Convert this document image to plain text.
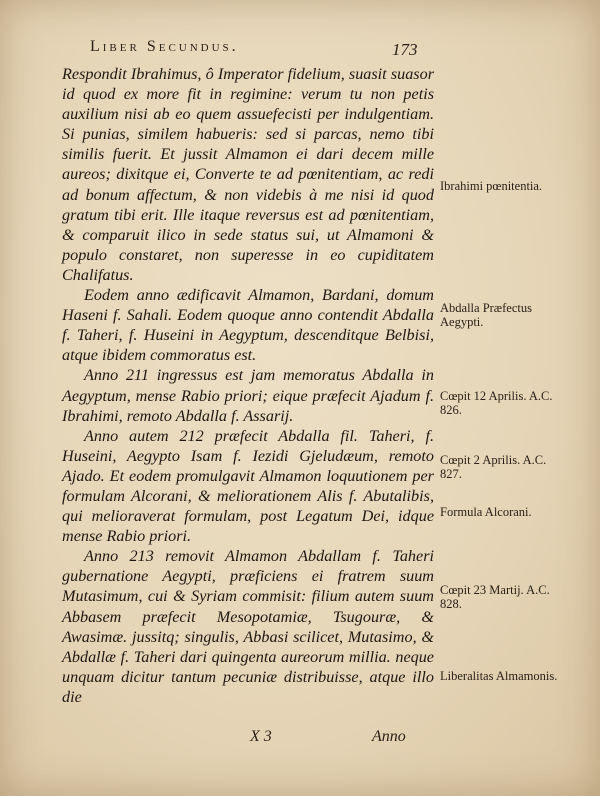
Liber Secundus.	173

Respondit Ibrahimus, ô Imperator fidelium, suasit suasor id quod ex more fit in regimine: verum tu non petis auxilium nisi ab eo quem assuefecisti per indulgentiam. Si punias, similem habueris: sed si parcas, nemo tibi similis fuerit. Et jussit Almamon ei dari decem mille aureos; dixitque ei, Converte te ad pœnitentiam, ac redi ad bonum affectum, & non videbis à me nisi id quod gratum tibi erit. Ille itaque reversus est ad pœnitentiam, & comparuit ilico in sede status sui, ut Almamoni & populo constaret, non superesse in eo cupiditatem Chalifatus.

Eodem anno ædificavit Almamon, Bardani, domum Haseni f. Sahali. Eodem quoque anno contendit Abdalla f. Taheri, f. Huseini in Aegyptum, descenditque Belbisi, atque ibidem commoratus est.

Anno 211 ingressus est jam memoratus Abdalla in Aegyptum, mense Rabio priori; eique præfecit Ajadum f. Ibrahimi, remoto Abdalla f. Assarij.

Anno autem 212 præfecit Abdalla fil. Taheri, f. Huseini, Aegypto Isam f. Iezidi Gjeludæum, remoto Ajado. Et eodem promulgavit Almamon loquutionem per formulam Alcorani, & meliorationem Alis f. Abutalibis, qui melioraverat formulam, post Legatum Dei, idque mense Rabio priori.

Anno 213 removit Almamon Abdallam f. Taheri gubernatione Aegypti, præficiens ei fratrem suum Mutasimum, cui & Syriam commisit: filium autem suum Abbasem præfecit Mesopotamiæ, Tsugouræ, & Awasimæ. jussitq; singulis, Abbasi scilicet, Mutasimo, & Abdallæ f. Taheri dari quingenta aureorum millia. neque unquam dicitur tantum pecuniæ distribuisse, atque illo die

Ibrahimi pœnitentia.
Abdalla Præfectus Aegypti.
Cœpit 12 Aprilis. A.C. 826.
Cœpit 2 Aprilis. A.C. 827.
Formula Alcorani.
Cœpit 23 Martij. A.C. 828.
Liberalitas Almamonis.
X 3	Anno
